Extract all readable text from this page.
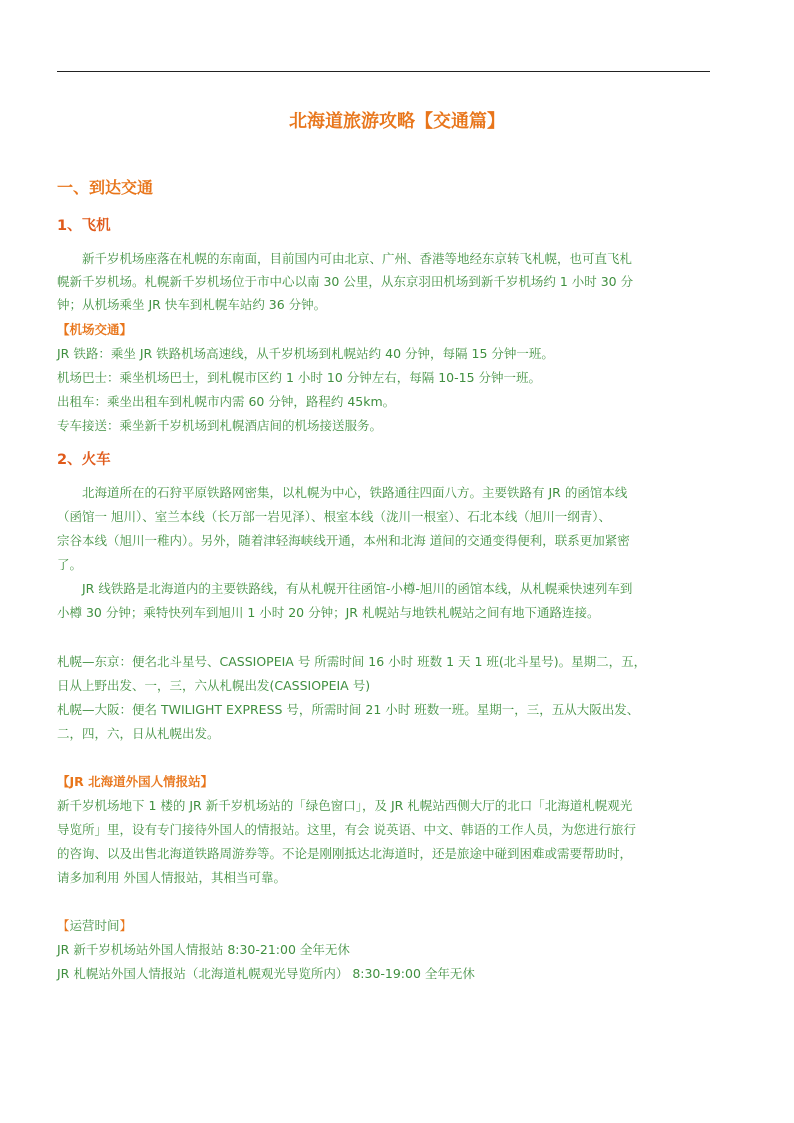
北海道旅游攻略【交通篇】
一、到达交通
1、飞机
新千岁机场座落在札幌的东南面，目前国内可由北京、广州、香港等地经东京转飞札幌，也可直飞札
幌新千岁机场。札幌新千岁机场位于市中心以南 30 公里，从东京羽田机场到新千岁机场约 1 小时 30 分
钟；从机场乘坐 JR 快车到札幌车站约 36 分钟。
【机场交通】
JR 铁路：乘坐 JR 铁路机场高速线，从千岁机场到札幌站约 40 分钟，每隔 15 分钟一班。
机场巴士：乘坐机场巴士，到札幌市区约 1 小时 10 分钟左右，每隔 10-15 分钟一班。
出租车：乘坐出租车到札幌市内需 60 分钟，路程约 45km。
专车接送：乘坐新千岁机场到札幌酒店间的机场接送服务。
2、火车
北海道所在的石狩平原铁路网密集，以札幌为中心，铁路通往四面八方。主要铁路有 JR 的函馆本线
（函馆一 旭川）、室兰本线（长万部一岩见泽）、根室本线（泷川一根室）、石北本线（旭川一纲青）、
宗谷本线（旭川一稚内）。另外，随着津轻海峡线开通，本州和北海 道间的交通变得便利，联系更加紧密
了。
JR 线铁路是北海道内的主要铁路线，有从札幌开往函馆-小樽-旭川的函馆本线，从札幌乘快速列车到
小樽 30 分钟；乘特快列车到旭川 1 小时 20 分钟；JR 札幌站与地铁札幌站之间有地下通路连接。
札幌—东京：便名北斗星号、CASSIOPEIA 号 所需时间 16 小时 班数 1 天 1 班(北斗星号)。星期二，五，
日从上野出发、一，三，六从札幌出发(CASSIOPEIA 号)
札幌—大阪：便名 TWILIGHT EXPRESS 号，所需时间 21 小时 班数一班。星期一，三，五从大阪出发、
二，四，六，日从札幌出发。
【JR 北海道外国人情报站】
新千岁机场地下 1 楼的 JR 新千岁机场站的「绿色窗口」，及 JR 札幌站西侧大厅的北口「北海道札幌观光
导览所」里，设有专门接待外国人的情报站。这里，有会 说英语、中文、韩语的工作人员，为您进行旅行
的咨询、以及出售北海道铁路周游券等。不论是刚刚抵达北海道时，还是旅途中碰到困难或需要帮助时，
请多加利用 外国人情报站，其相当可靠。
【运营时间】
JR 新千岁机场站外国人情报站 8:30-21:00 全年无休
JR 札幌站外国人情报站（北海道札幌观光导览所内） 8:30-19:00 全年无休
